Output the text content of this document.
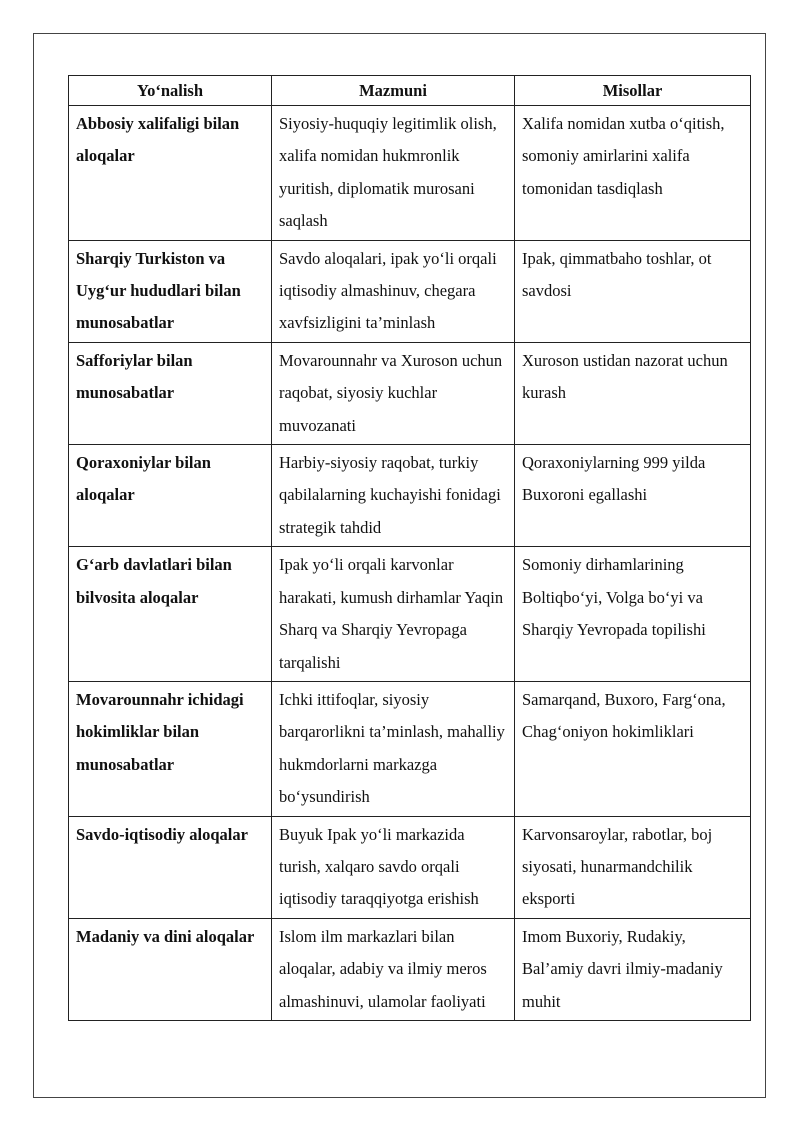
Yo‘nalish	Mazmuni	Misollar
Abbosiy xalifaligi bilan aloqalar	Siyosiy-huquqiy legitimlik olish, xalifa nomidan hukmronlik yuritish, diplomatik murosani saqlash	Xalifa nomidan xutba o‘qitish, somoniy amirlarini xalifa tomonidan tasdiqlash
Sharqiy Turkiston va Uyg‘ur hududlari bilan munosabatlar	Savdo aloqalari, ipak yo‘li orqali iqtisodiy almashinuv, chegara xavfsizligini ta’minlash	Ipak, qimmatbaho toshlar, ot savdosi
Safforiylar bilan munosabatlar	Movarounnahr va Xuroson uchun raqobat, siyosiy kuchlar muvozanati	Xuroson ustidan nazorat uchun kurash
Qoraxoniylar bilan aloqalar	Harbiy-siyosiy raqobat, turkiy qabilalarning kuchayishi fonidagi strategik tahdid	Qoraxoniylarning 999 yilda Buxoroni egallashi
G‘arb davlatlari bilan bilvosita aloqalar	Ipak yo‘li orqali karvonlar harakati, kumush dirhamlar Yaqin Sharq va Sharqiy Yevropaga tarqalishi	Somoniy dirhamlarining Boltiqbo‘yi, Volga bo‘yi va Sharqiy Yevropada topilishi
Movarounnahr ichidagi hokimliklar bilan munosabatlar	Ichki ittifoqlar, siyosiy barqarorlikni ta’minlash, mahalliy hukmdorlarni markazga bo‘ysundirish	Samarqand, Buxoro, Farg‘ona, Chag‘oniyon hokimliklari
Savdo-iqtisodiy aloqalar	Buyuk Ipak yo‘li markazida turish, xalqaro savdo orqali iqtisodiy taraqqiyotga erishish	Karvonsaroylar, rabotlar, boj siyosati, hunarmandchilik eksporti
Madaniy va dini aloqalar	Islom ilm markazlari bilan aloqalar, adabiy va ilmiy meros almashinuvi, ulamolar faoliyati	Imom Buxoriy, Rudakiy, Bal’amiy davri ilmiy-madaniy muhit
